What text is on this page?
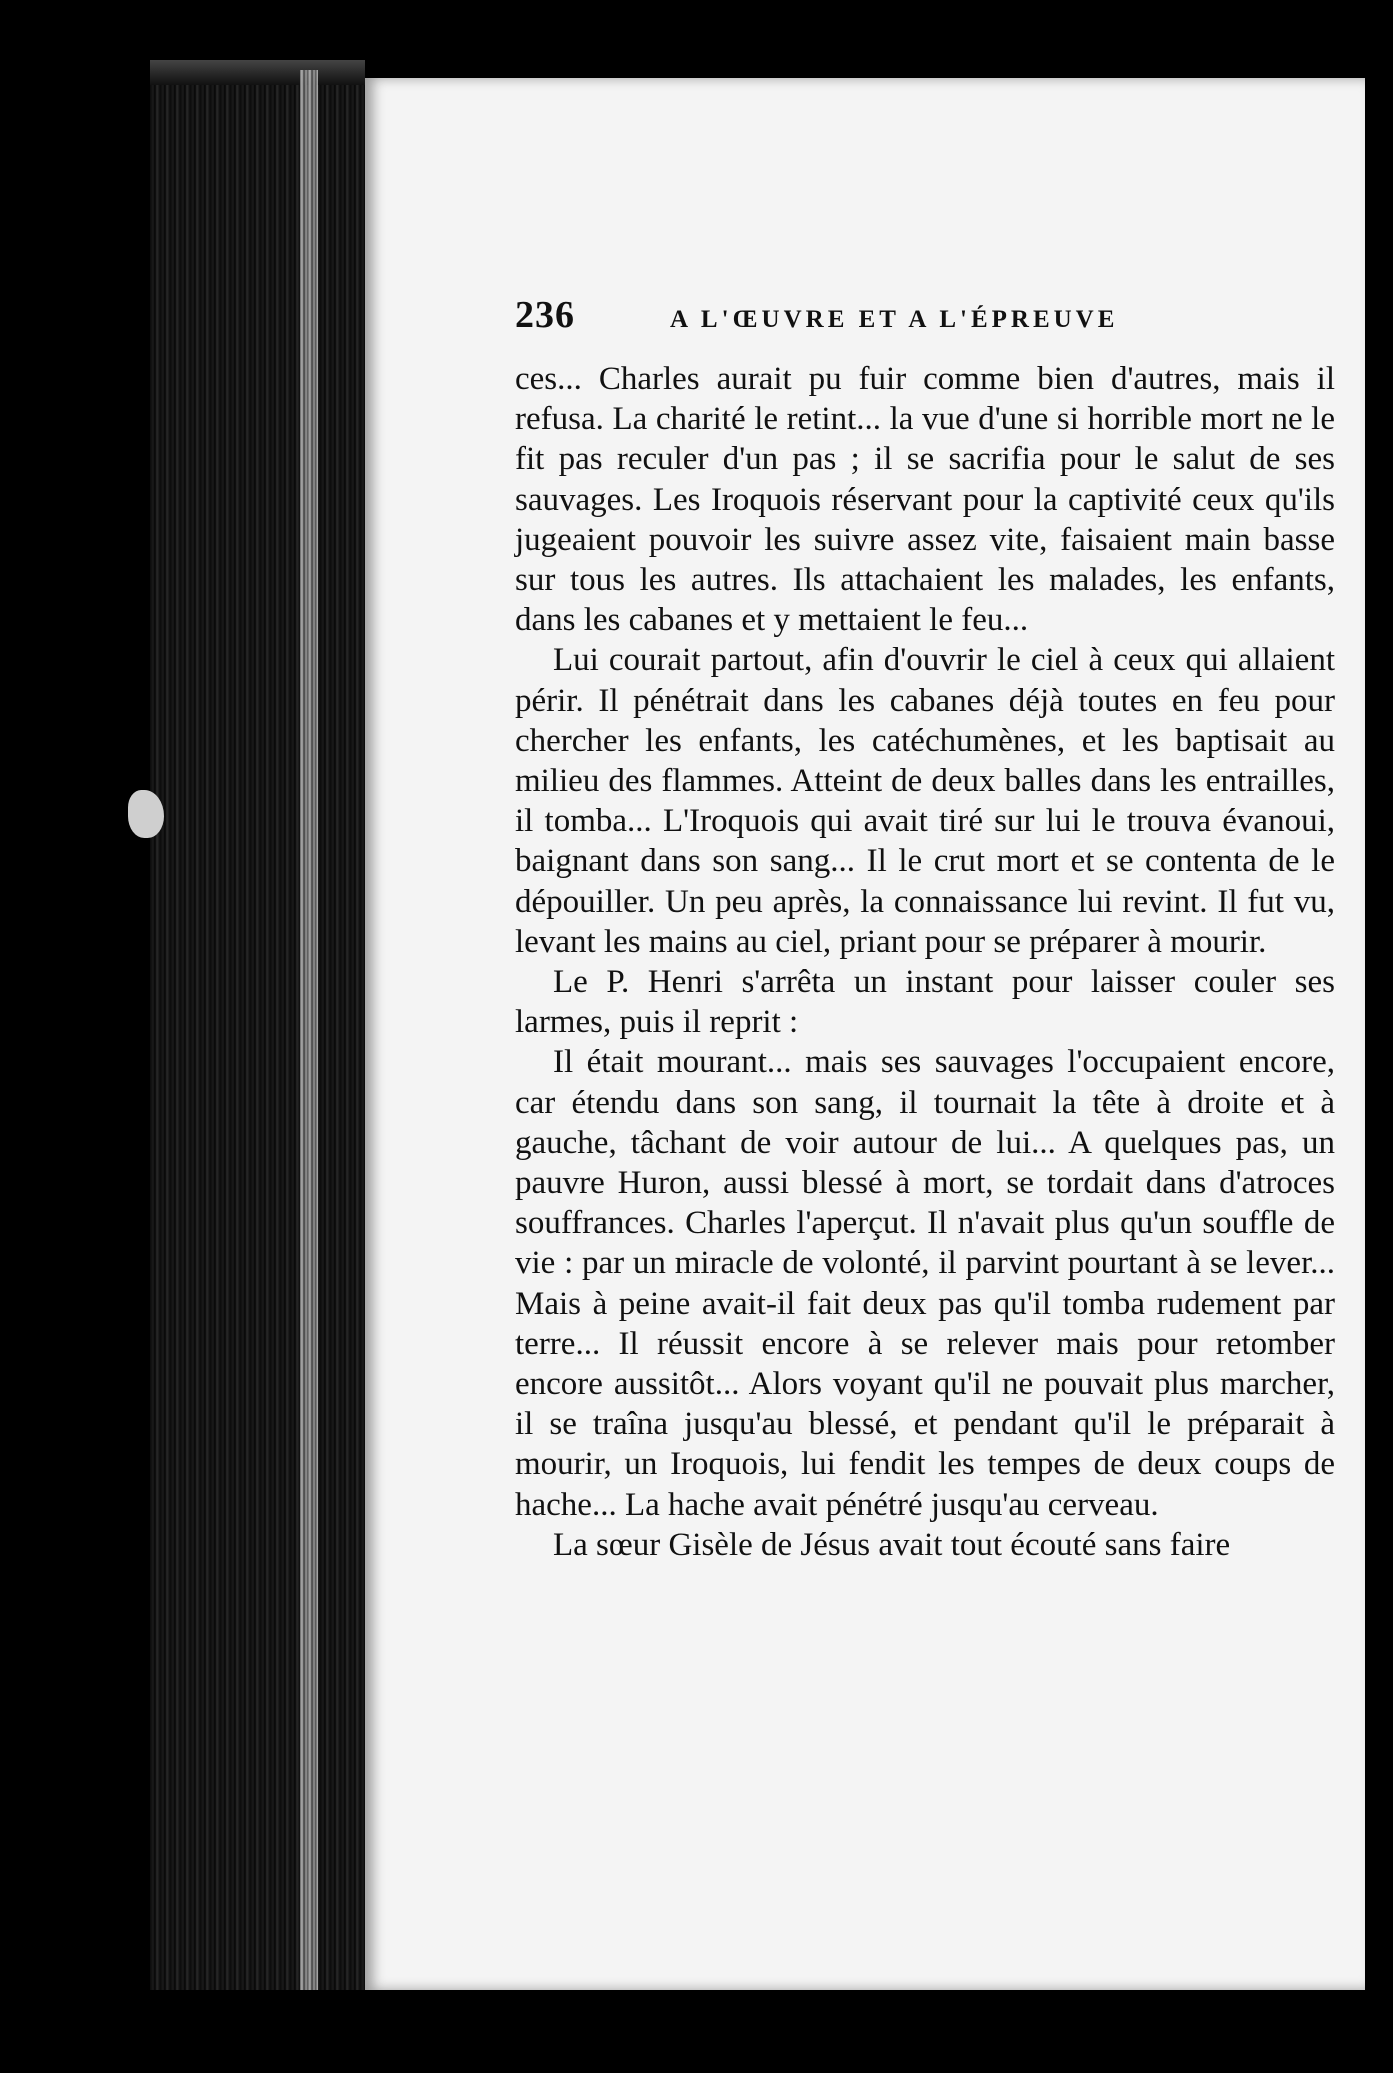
236	A L'ŒUVRE ET A L'ÉPREUVE

ces... Charles aurait pu fuir comme bien d'autres, mais il refusa. La charité le retint... la vue d'une si horrible mort ne le fit pas reculer d'un pas ; il se sacrifia pour le salut de ses sauvages. Les Iroquois réservant pour la captivité ceux qu'ils jugeaient pouvoir les suivre assez vite, faisaient main basse sur tous les autres. Ils attachaient les malades, les enfants, dans les cabanes et y mettaient le feu...

Lui courait partout, afin d'ouvrir le ciel à ceux qui allaient périr. Il pénétrait dans les cabanes déjà toutes en feu pour chercher les enfants, les catéchumènes, et les baptisait au milieu des flammes. Atteint de deux balles dans les entrailles, il tomba... L'Iroquois qui avait tiré sur lui le trouva évanoui, baignant dans son sang... Il le crut mort et se contenta de le dépouiller. Un peu après, la connaissance lui revint. Il fut vu, levant les mains au ciel, priant pour se préparer à mourir.

Le P. Henri s'arrêta un instant pour laisser couler ses larmes, puis il reprit :

Il était mourant... mais ses sauvages l'occupaient encore, car étendu dans son sang, il tournait la tête à droite et à gauche, tâchant de voir autour de lui... A quelques pas, un pauvre Huron, aussi blessé à mort, se tordait dans d'atroces souffrances. Charles l'aperçut. Il n'avait plus qu'un souffle de vie : par un miracle de volonté, il parvint pourtant à se lever... Mais à peine avait-il fait deux pas qu'il tomba rudement par terre... Il réussit encore à se relever mais pour retomber encore aussitôt... Alors voyant qu'il ne pouvait plus marcher, il se traîna jusqu'au blessé, et pendant qu'il le préparait à mourir, un Iroquois, lui fendit les tempes de deux coups de hache... La hache avait pénétré jusqu'au cerveau.

La sœur Gisèle de Jésus avait tout écouté sans faire
